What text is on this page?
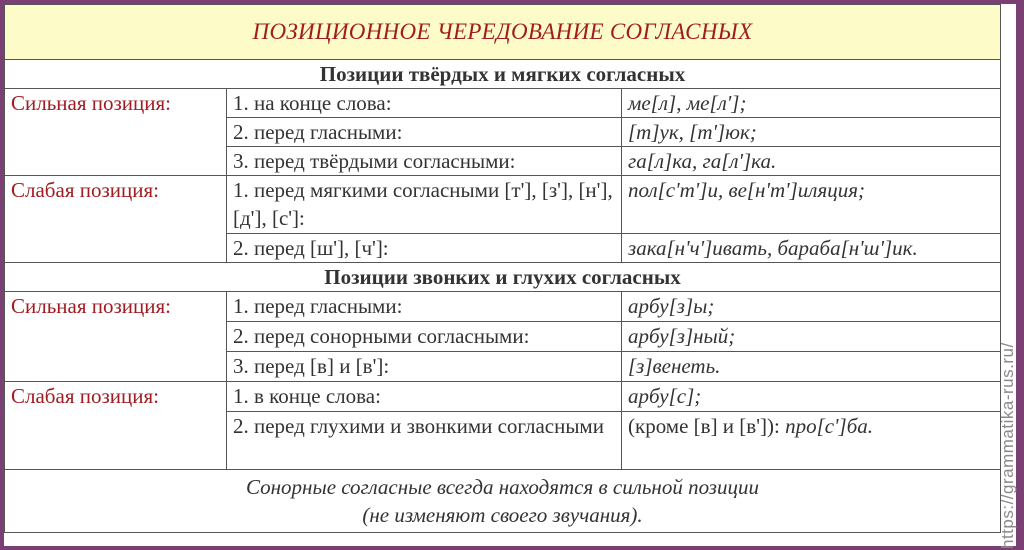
ПОЗИЦИОННОЕ ЧЕРЕДОВАНИЕ СОГЛАСНЫХ		
Позиции твёрдых и мягких согласных		
Сильная позиция:	1. на конце слова:	ме[л], ме[л'];
	2. перед гласными:	[т]ук, [т']юк;
	3. перед твёрдыми согласными:	га[л]ка, га[л']ка.
Слабая позиция:	1. перед мягкими согласными [т'], [з'], [н'], [д'], [с']:	пол[с'т']и, ве[н'т']иляция;
	2. перед [ш'], [ч']:	зака[н'ч']ивать, бараба[н'ш']ик.
Позиции звонких и глухих согласных		
Сильная позиция:	1. перед гласными:	арбу[з]ы;
	2. перед сонорными согласными:	арбу[з]ный;
	3. перед [в] и [в']:	[з]венеть.
Слабая позиция:	1. в конце слова:	арбу[с];
	2. перед глухими и звонкими согласными	(кроме [в] и [в']): про[с']ба.

Сонорные согласные всегда находятся в сильной позиции
(не изменяют своего звучания).			https://grammatika-rus.ru/
